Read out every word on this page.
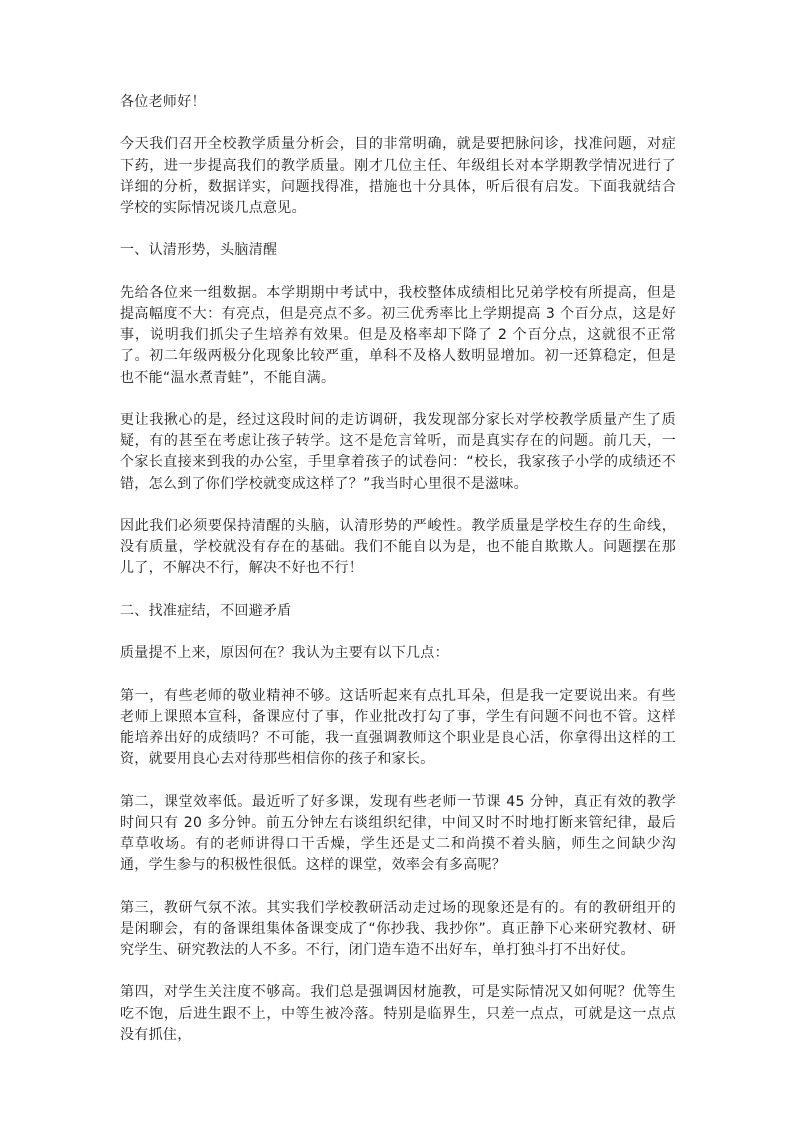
各位老师好！

今天我们召开全校教学质量分析会，目的非常明确，就是要把脉问诊，找准问题，对症下药，进一步提高我们的教学质量。刚才几位主任、年级组长对本学期教学情况进行了详细的分析，数据详实，问题找得准，措施也十分具体，听后很有启发。下面我就结合学校的实际情况谈几点意见。

一、认清形势，头脑清醒

先给各位来一组数据。本学期期中考试中，我校整体成绩相比兄弟学校有所提高，但是提高幅度不大：有亮点，但是亮点不多。初三优秀率比上学期提高 3 个百分点，这是好事，说明我们抓尖子生培养有效果。但是及格率却下降了 2 个百分点，这就很不正常了。初二年级两极分化现象比较严重，单科不及格人数明显增加。初一还算稳定，但是也不能“温水煮青蛙”，不能自满。

更让我揪心的是，经过这段时间的走访调研，我发现部分家长对学校教学质量产生了质疑，有的甚至在考虑让孩子转学。这不是危言耸听，而是真实存在的问题。前几天，一个家长直接来到我的办公室，手里拿着孩子的试卷问：“校长，我家孩子小学的成绩还不错，怎么到了你们学校就变成这样了？”我当时心里很不是滋味。

因此我们必须要保持清醒的头脑，认清形势的严峻性。教学质量是学校生存的生命线，没有质量，学校就没有存在的基础。我们不能自以为是，也不能自欺欺人。问题摆在那儿了，不解决不行，解决不好也不行！

二、找准症结，不回避矛盾

质量提不上来，原因何在？我认为主要有以下几点：

第一，有些老师的敬业精神不够。这话听起来有点扎耳朵，但是我一定要说出来。有些老师上课照本宣科，备课应付了事，作业批改打勾了事，学生有问题不问也不管。这样能培养出好的成绩吗？不可能，我一直强调教师这个职业是良心活，你拿得出这样的工资，就要用良心去对待那些相信你的孩子和家长。

第二，课堂效率低。最近听了好多课，发现有些老师一节课 45 分钟，真正有效的教学时间只有 20 多分钟。前五分钟左右谈组织纪律，中间又时不时地打断来管纪律，最后草草收场。有的老师讲得口干舌燥，学生还是丈二和尚摸不着头脑，师生之间缺少沟通，学生参与的积极性很低。这样的课堂，效率会有多高呢？

第三，教研气氛不浓。其实我们学校教研活动走过场的现象还是有的。有的教研组开的是闲聊会，有的备课组集体备课变成了“你抄我、我抄你”。真正静下心来研究教材、研究学生、研究教法的人不多。不行，闭门造车造不出好车，单打独斗打不出好仗。

第四，对学生关注度不够高。我们总是强调因材施教，可是实际情况又如何呢？优等生吃不饱，后进生跟不上，中等生被冷落。特别是临界生，只差一点点，可就是这一点点没有抓住，
